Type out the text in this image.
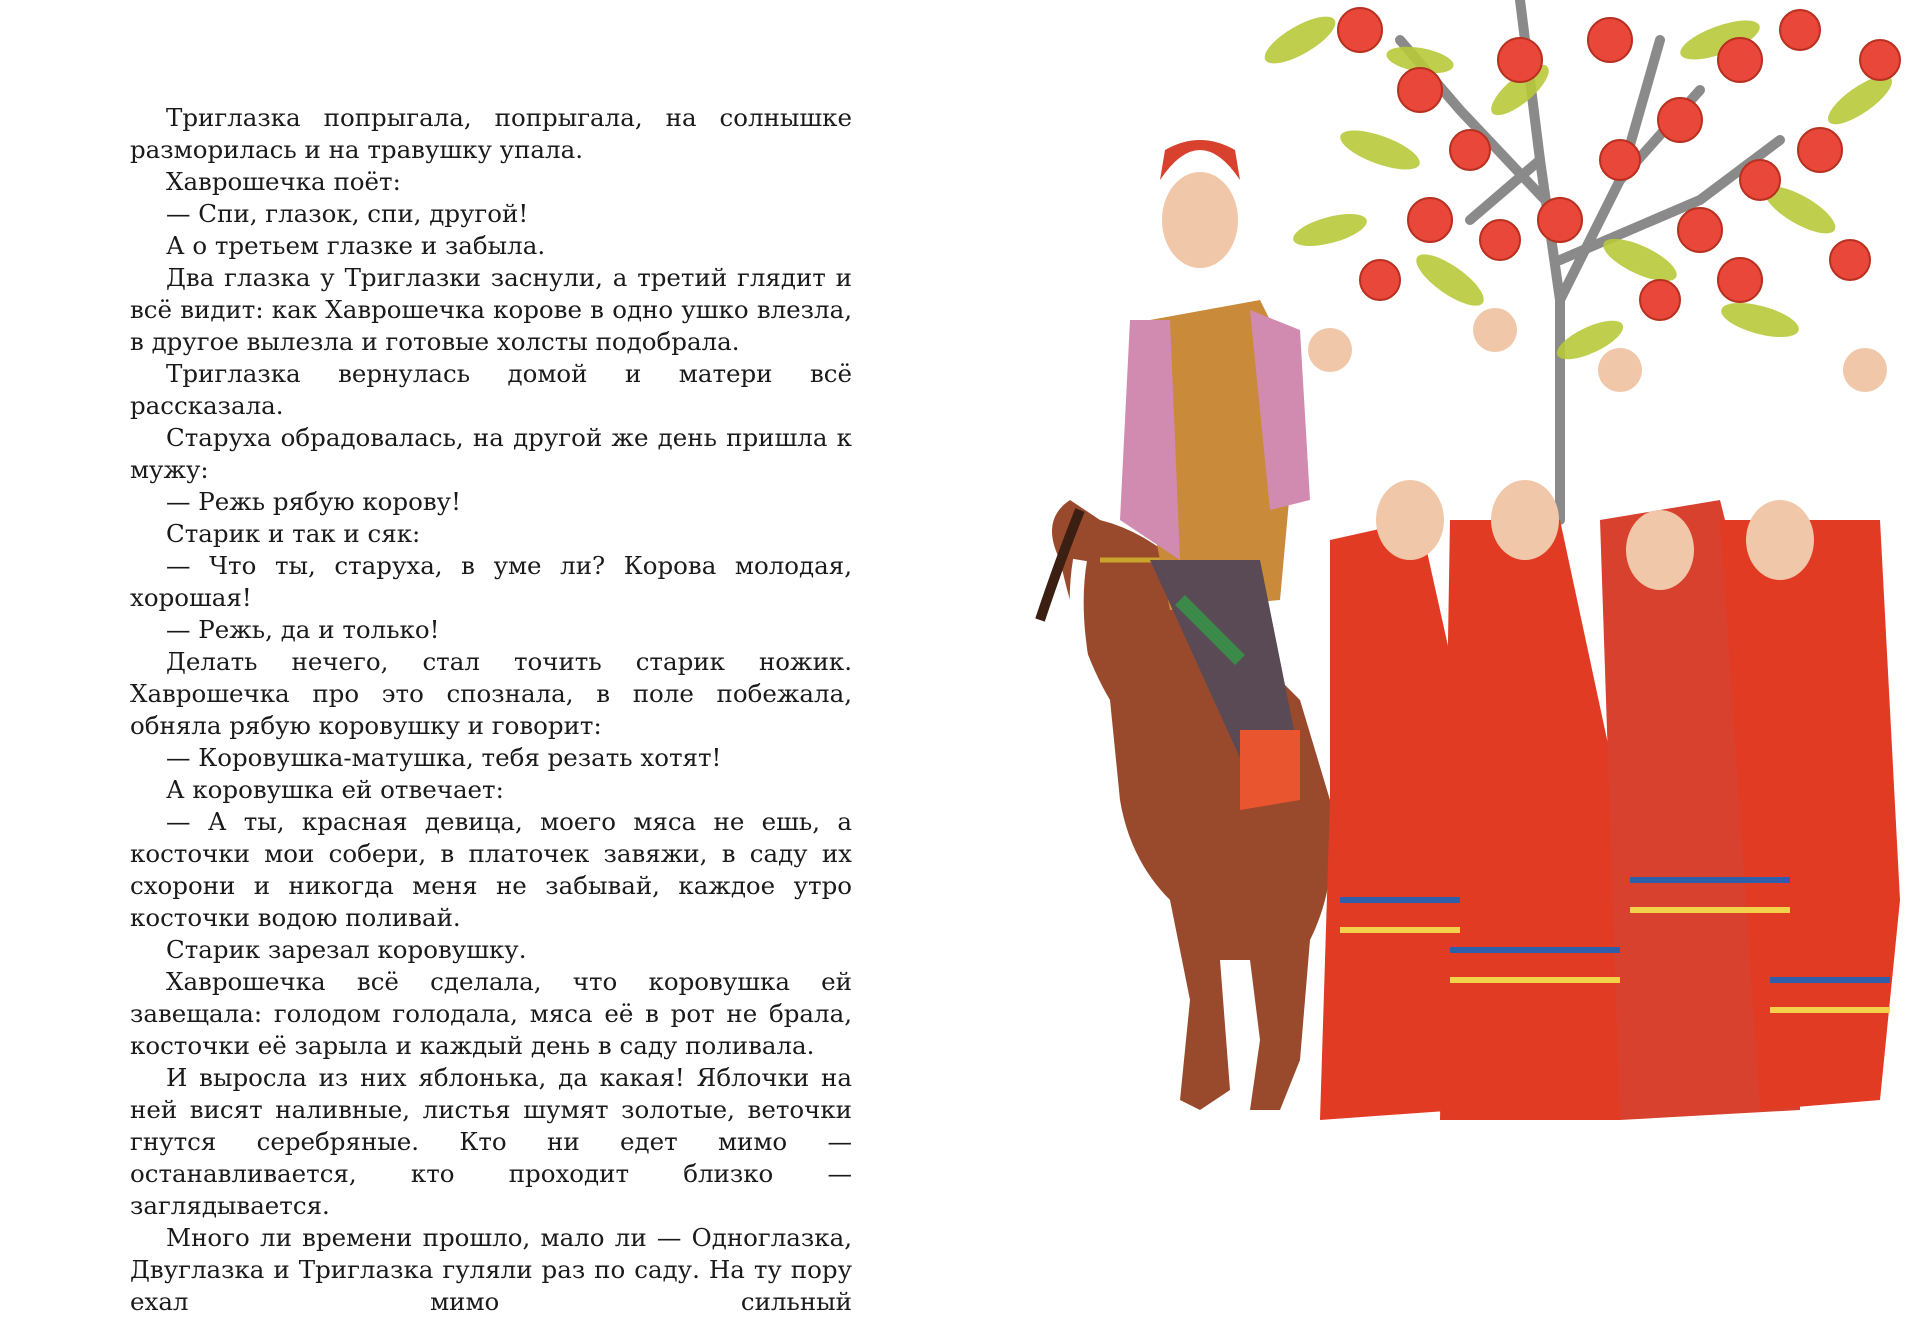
Триглазка попрыгала, попрыгала, на солнышке разморилась и на травушку упала.

Хаврошечка поёт:

— Спи, глазок, спи, другой!

А о третьем глазке и забыла.

Два глазка у Триглазки заснули, а третий глядит и всё видит: как Хаврошечка корове в одно ушко влезла, в другое вылезла и готовые холсты подобрала.

Триглазка вернулась домой и матери всё рассказала.

Старуха обрадовалась, на другой же день пришла к мужу:

— Режь рябую корову!

Старик и так и сяк:

— Что ты, старуха, в уме ли? Корова молодая, хорошая!

— Режь, да и только!

Делать нечего, стал точить старик ножик. Хаврошечка про это спознала, в поле побежала, обняла рябую коровушку и говорит:

— Коровушка-матушка, тебя резать хотят!

А коровушка ей отвечает:

— А ты, красная девица, моего мяса не ешь, а косточки мои собери, в платочек завяжи, в саду их схорони и никогда меня не забывай, каждое утро косточки водою поливай.

Старик зарезал коровушку.

Хаврошечка всё сделала, что коровушка ей завещала: голодом голодала, мяса её в рот не брала, косточки её зарыла и каждый день в саду поливала.

И выросла из них яблонька, да какая! Яблочки на ней висят наливные, листья шумят золотые, веточки гнутся серебряные. Кто ни едет мимо — останавливается, кто проходит близко — заглядывается.

Много ли времени прошло, мало ли — Одноглазка, Двуглазка и Триглазка гуляли раз по саду. На ту пору ехал мимо сильный
